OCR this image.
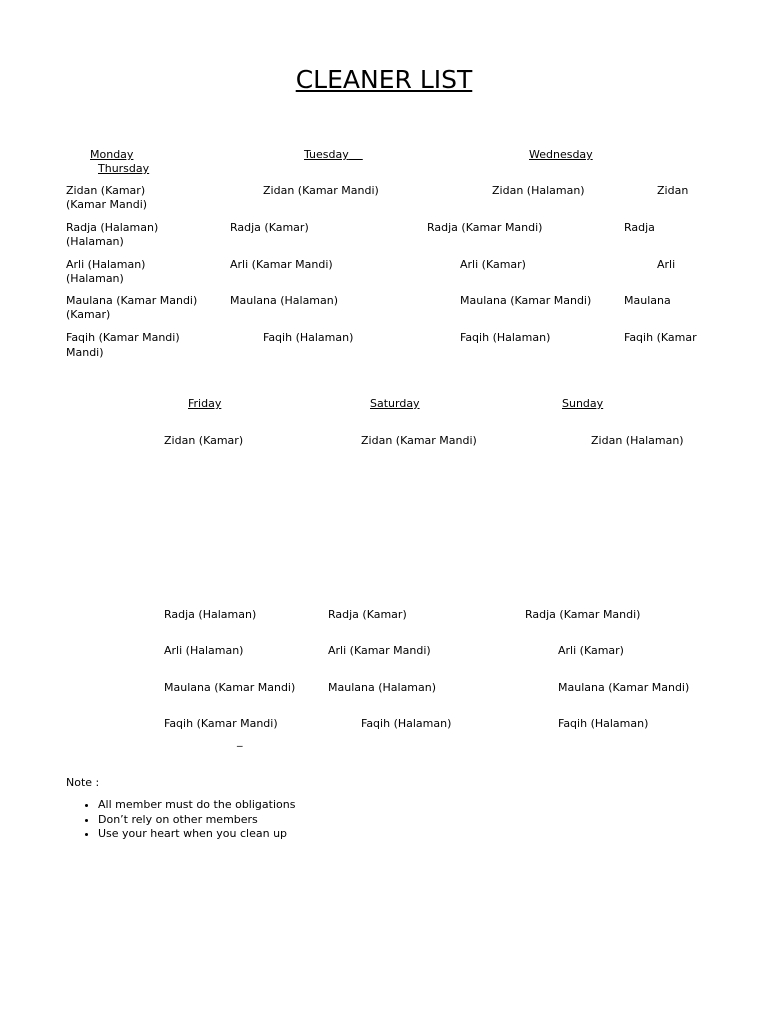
CLEANER LIST
Monday	Tuesday	Wednesday
Thursday
Zidan (Kamar)	Zidan (Kamar Mandi)	Zidan (Halaman)	Zidan
(Kamar Mandi)
Radja (Halaman)	Radja (Kamar)	Radja (Kamar Mandi)	Radja
(Halaman)
Arli (Halaman)	Arli (Kamar Mandi)	Arli (Kamar)	Arli
(Halaman)
Maulana (Kamar Mandi)	Maulana (Halaman)	Maulana (Kamar Mandi)	Maulana
(Kamar)
Faqih (Kamar Mandi)	Faqih (Halaman)	Faqih (Halaman)	Faqih (Kamar
Mandi)
Friday	Saturday	Sunday
Zidan (Kamar)	Zidan (Kamar Mandi)	Zidan (Halaman)
Radja (Halaman)	Radja (Kamar)	Radja (Kamar Mandi)
Arli (Halaman)	Arli (Kamar Mandi)	Arli (Kamar)
Maulana (Kamar Mandi)	Maulana (Halaman)	Maulana (Kamar Mandi)
Faqih (Kamar Mandi)	Faqih (Halaman)	Faqih (Halaman)
_
Note :
• All member must do the obligations
• Don’t rely on other members
• Use your heart when you clean up
